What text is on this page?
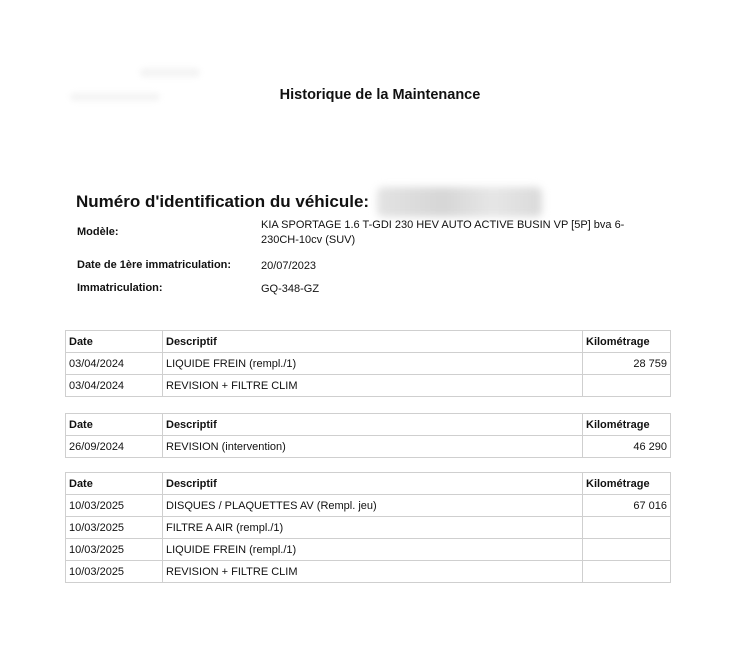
Historique de la Maintenance
Numéro d'identification du véhicule:
Modèle:
KIA SPORTAGE 1.6 T-GDI 230 HEV AUTO ACTIVE BUSIN VP [5P] bva 6-230CH-10cv (SUV)
Date de 1ère immatriculation:	20/07/2023
Immatriculation:	GQ-348-GZ
Date	Descriptif	Kilométrage
03/04/2024	LIQUIDE FREIN (rempl./1)	28 759
03/04/2024	REVISION + FILTRE CLIM	
Date	Descriptif	Kilométrage
26/09/2024	REVISION (intervention)	46 290
Date	Descriptif	Kilométrage
10/03/2025	DISQUES / PLAQUETTES AV (Rempl. jeu)	67 016
10/03/2025	FILTRE A AIR (rempl./1)	
10/03/2025	LIQUIDE FREIN (rempl./1)	
10/03/2025	REVISION + FILTRE CLIM	
